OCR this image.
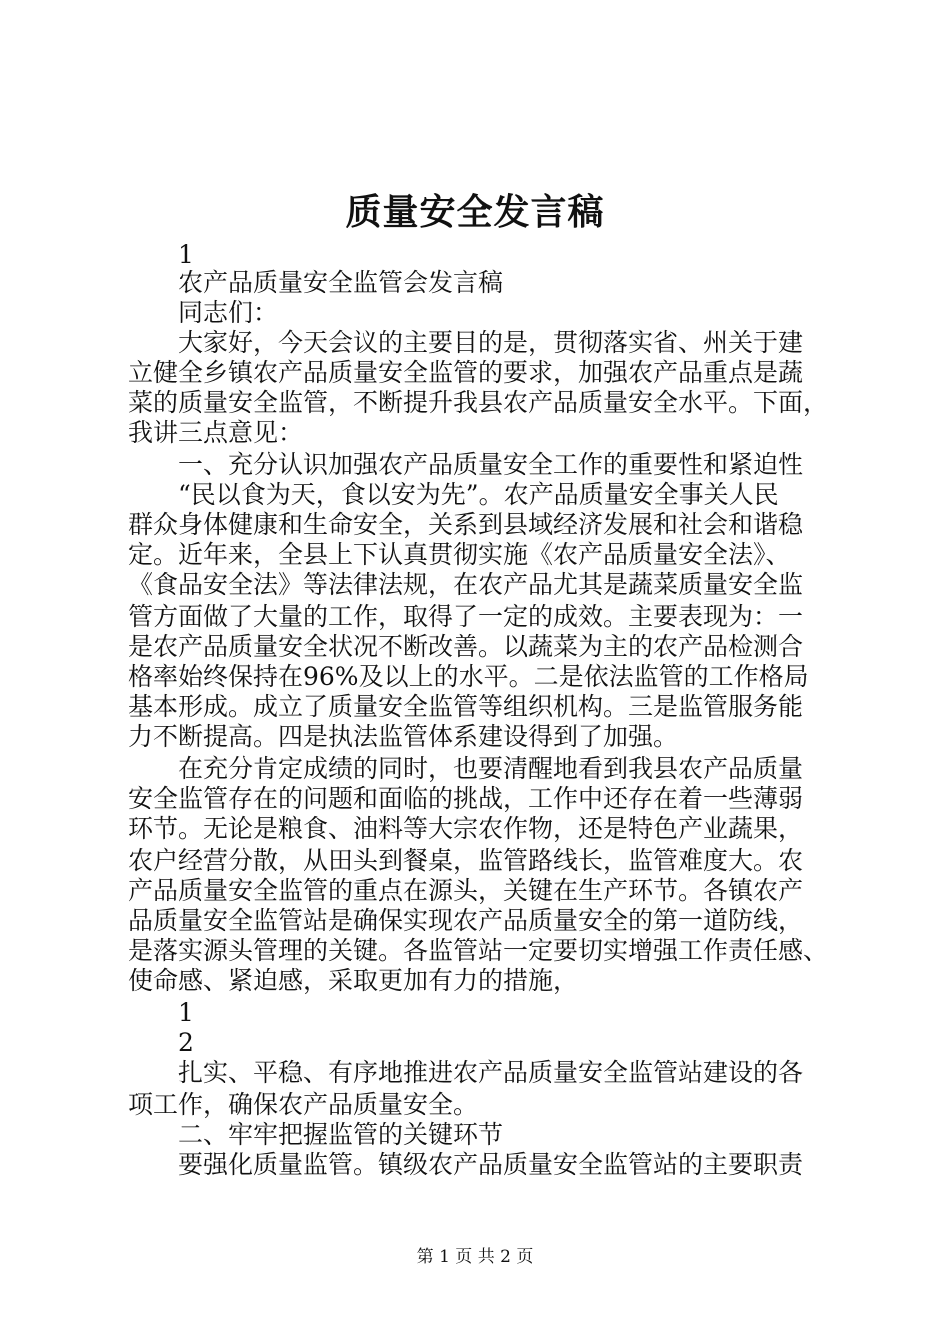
质量安全发言稿
1
农产品质量安全监管会发言稿
同志们：
大家好，今天会议的主要目的是，贯彻落实省、州关于建
立健全乡镇农产品质量安全监管的要求，加强农产品重点是蔬
菜的质量安全监管，不断提升我县农产品质量安全水平。下面，
我讲三点意见：
一、充分认识加强农产品质量安全工作的重要性和紧迫性
“民以食为天，食以安为先”。农产品质量安全事关人民
群众身体健康和生命安全，关系到县域经济发展和社会和谐稳
定。近年来，全县上下认真贯彻实施《农产品质量安全法》、
《食品安全法》等法律法规，在农产品尤其是蔬菜质量安全监
管方面做了大量的工作，取得了一定的成效。主要表现为：一
是农产品质量安全状况不断改善。以蔬菜为主的农产品检测合
格率始终保持在96%及以上的水平。二是依法监管的工作格局
基本形成。成立了质量安全监管等组织机构。三是监管服务能
力不断提高。四是执法监管体系建设得到了加强。
在充分肯定成绩的同时，也要清醒地看到我县农产品质量
安全监管存在的问题和面临的挑战，工作中还存在着一些薄弱
环节。无论是粮食、油料等大宗农作物，还是特色产业蔬果，
农户经营分散，从田头到餐桌，监管路线长，监管难度大。农
产品质量安全监管的重点在源头，关键在生产环节。各镇农产
品质量安全监管站是确保实现农产品质量安全的第一道防线，
是落实源头管理的关键。各监管站一定要切实增强工作责任感、
使命感、紧迫感，采取更加有力的措施，
1
2
扎实、平稳、有序地推进农产品质量安全监管站建设的各
项工作，确保农产品质量安全。
二、牢牢把握监管的关键环节
要强化质量监管。镇级农产品质量安全监管站的主要职责
第 1 页 共 2 页
